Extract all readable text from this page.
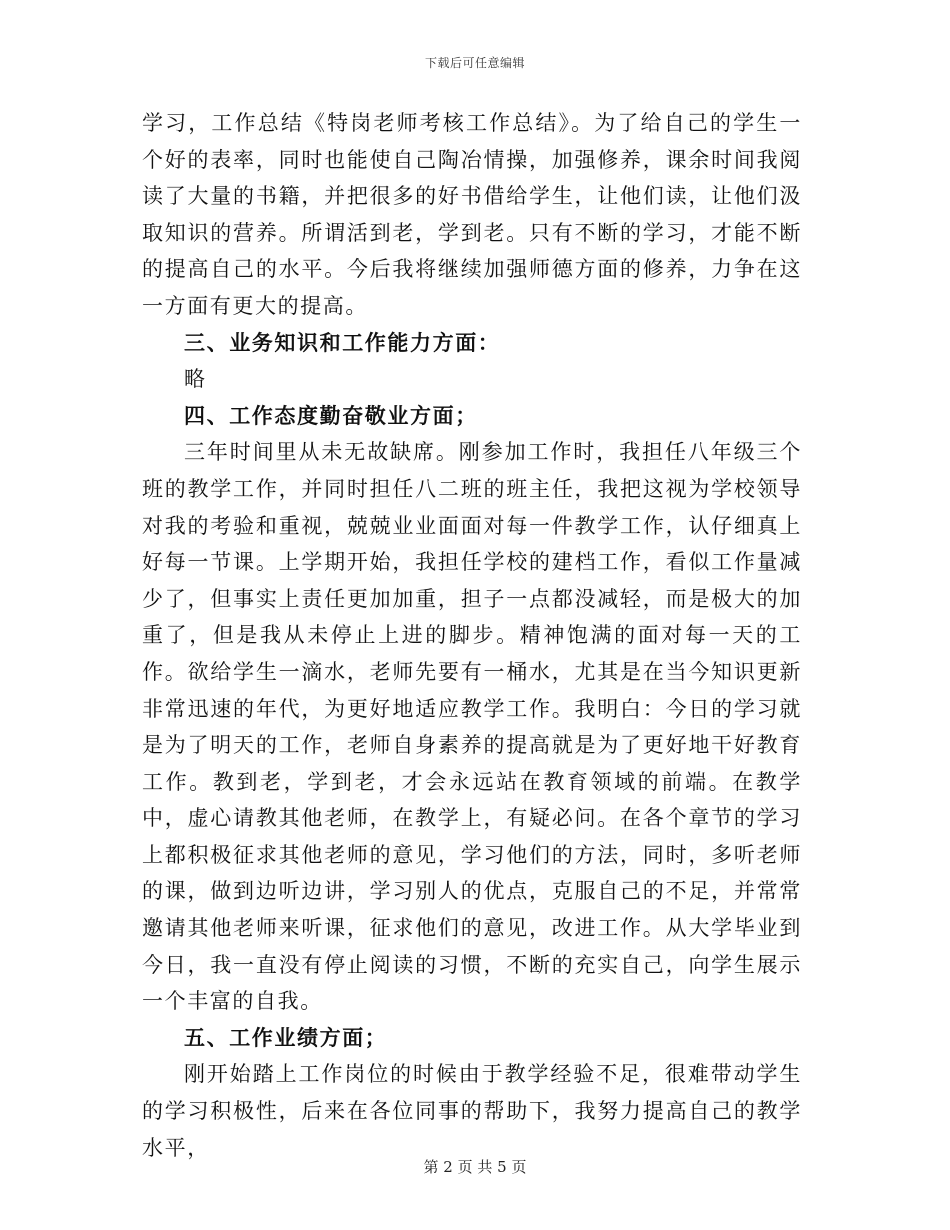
下载后可任意编辑

学习，工作总结《特岗老师考核工作总结》。为了给自己的学生一个好的表率，同时也能使自己陶冶情操，加强修养，课余时间我阅读了大量的书籍，并把很多的好书借给学生，让他们读，让他们汲取知识的营养。所谓活到老，学到老。只有不断的学习，才能不断的提高自己的水平。今后我将继续加强师德方面的修养，力争在这一方面有更大的提高。

三、业务知识和工作能力方面：

略

四、工作态度勤奋敬业方面；

三年时间里从未无故缺席。刚参加工作时，我担任八年级三个班的教学工作，并同时担任八二班的班主任，我把这视为学校领导对我的考验和重视，兢兢业业面面对每一件教学工作，认仔细真上好每一节课。上学期开始，我担任学校的建档工作，看似工作量减少了，但事实上责任更加加重，担子一点都没减轻，而是极大的加重了，但是我从未停止上进的脚步。精神饱满的面对每一天的工作。欲给学生一滴水，老师先要有一桶水，尤其是在当今知识更新非常迅速的年代，为更好地适应教学工作。我明白：今日的学习就是为了明天的工作，老师自身素养的提高就是为了更好地干好教育工作。教到老，学到老，才会永远站在教育领域的前端。在教学中，虚心请教其他老师，在教学上，有疑必问。在各个章节的学习上都积极征求其他老师的意见，学习他们的方法，同时，多听老师的课，做到边听边讲，学习别人的优点，克服自己的不足，并常常邀请其他老师来听课，征求他们的意见，改进工作。从大学毕业到今日，我一直没有停止阅读的习惯，不断的充实自己，向学生展示一个丰富的自我。

五、工作业绩方面；

刚开始踏上工作岗位的时候由于教学经验不足，很难带动学生的学习积极性，后来在各位同事的帮助下，我努力提高自己的教学水平，

第 2 页 共 5 页
